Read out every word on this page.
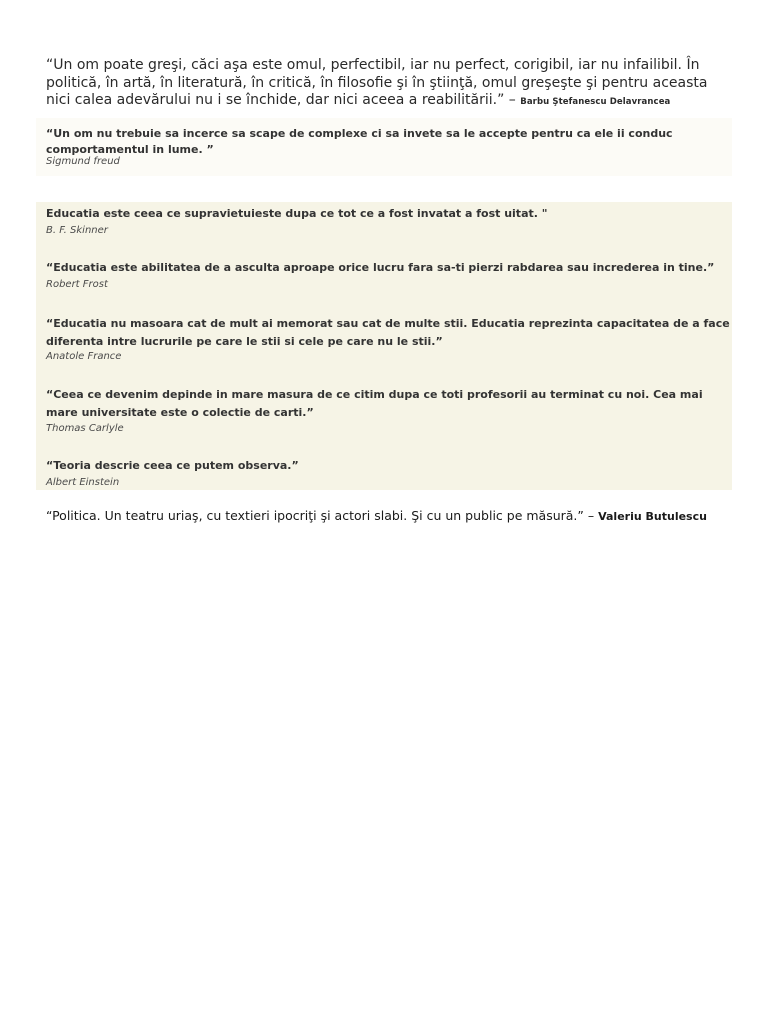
“Un om poate greşi, căci aşa este omul, perfectibil, iar nu perfect, corigibil, iar nu infailibil. În politică, în artă, în literatură, în critică, în filosofie şi în ştiinţă, omul greşeşte şi pentru aceasta nici calea adevărului nu i se închide, dar nici aceea a reabilitării.” – Barbu Ştefanescu Delavrancea
“Un om nu trebuie sa incerce sa scape de complexe ci sa invete sa le accepte pentru ca ele ii conduc comportamentul in lume. ”
Sigmund freud
Educatia este ceea ce supravietuieste dupa ce tot ce a fost invatat a fost uitat. "
B. F. Skinner
“Educatia este abilitatea de a asculta aproape orice lucru fara sa-ti pierzi rabdarea sau increderea in tine.”
Robert Frost
“Educatia nu masoara cat de mult ai memorat sau cat de multe stii. Educatia reprezinta capacitatea de a face diferenta intre lucrurile pe care le stii si cele pe care nu le stii.”
Anatole France
“Ceea ce devenim depinde in mare masura de ce citim dupa ce toti profesorii au terminat cu noi. Cea mai mare universitate este o colectie de carti.”
Thomas Carlyle
“Teoria descrie ceea ce putem observa.”
Albert Einstein
“Politica. Un teatru uriaş, cu textieri ipocriţi şi actori slabi. Şi cu un public pe măsură.” – Valeriu Butulescu
